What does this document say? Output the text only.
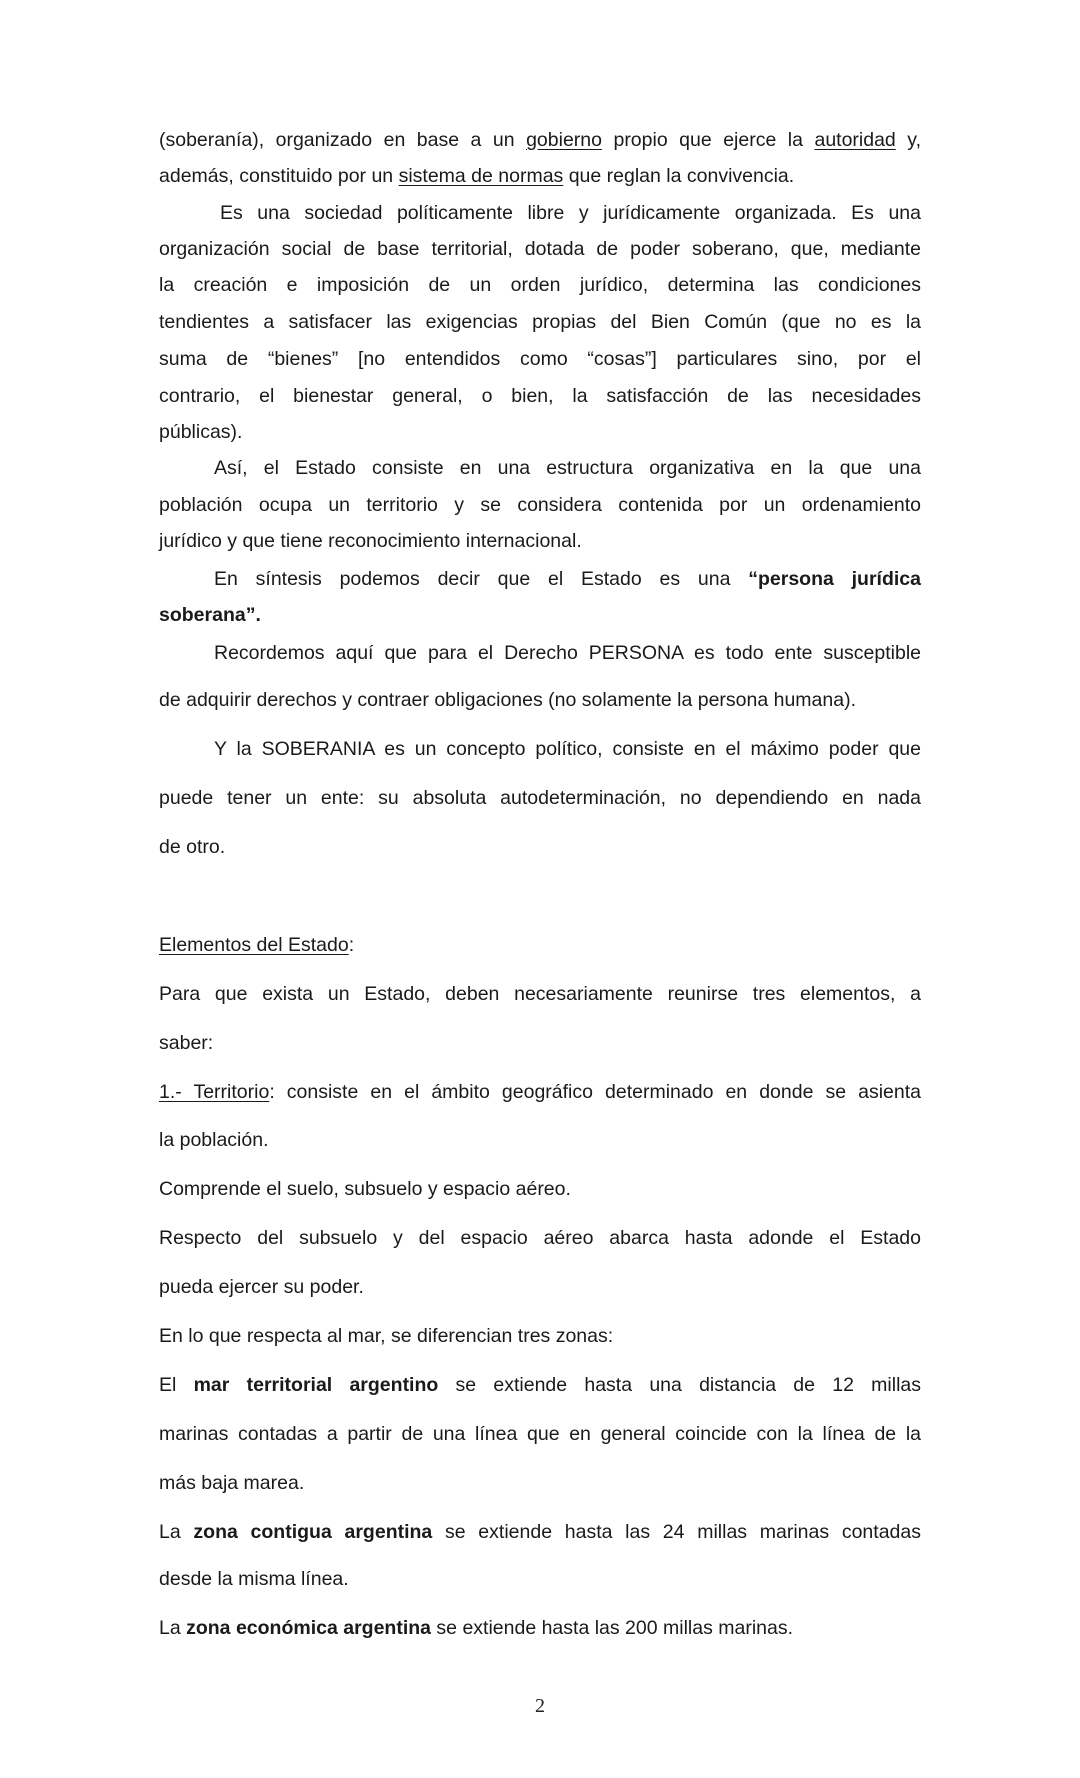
(soberanía), organizado en base a un gobierno propio que ejerce la autoridad y,
además, constituido por un sistema de normas que reglan la convivencia.
Es una sociedad políticamente libre y jurídicamente organizada. Es una
organización social de base territorial, dotada de poder soberano, que, mediante
la creación e imposición de un orden jurídico, determina las condiciones
tendientes a satisfacer las exigencias propias del Bien Común (que no es la
suma de “bienes” [no entendidos como “cosas”] particulares sino, por el
contrario, el bienestar general, o bien, la satisfacción de las necesidades
públicas).
Así, el Estado consiste en una estructura organizativa en la que una
población ocupa un territorio y se considera contenida por un ordenamiento
jurídico y que tiene reconocimiento internacional.
En síntesis podemos decir que el Estado es una “persona jurídica
soberana”.
Recordemos aquí que para el Derecho PERSONA es todo ente susceptible
de adquirir derechos y contraer obligaciones (no solamente la persona humana).
Y la SOBERANIA es un concepto político, consiste en el máximo poder que
puede tener un ente: su absoluta autodeterminación, no dependiendo en nada
de otro.
Elementos del Estado:
Para que exista un Estado, deben necesariamente reunirse tres elementos, a
saber:
1.- Territorio: consiste en el ámbito geográfico determinado en donde se asienta
la población.
Comprende el suelo, subsuelo y espacio aéreo.
Respecto del subsuelo y del espacio aéreo abarca hasta adonde el Estado
pueda ejercer su poder.
En lo que respecta al mar, se diferencian tres zonas:
El mar territorial argentino se extiende hasta una distancia de 12 millas
marinas contadas a partir de una línea que en general coincide con la línea de la
más baja marea.
La zona contigua argentina se extiende hasta las 24 millas marinas contadas
desde la misma línea.
La zona económica argentina se extiende hasta las 200 millas marinas.
2
